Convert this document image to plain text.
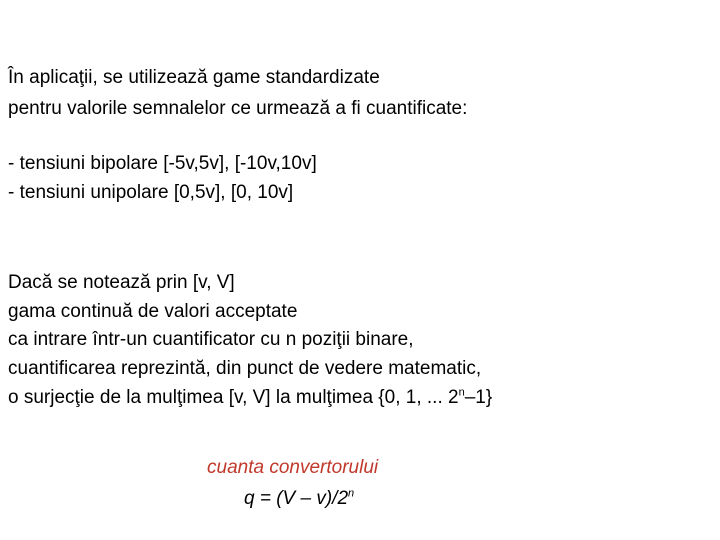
În aplicaţii, se utilizează game standardizate
pentru valorile semnalelor ce urmează a fi cuantificate:
- tensiuni bipolare [-5v,5v], [-10v,10v]
- tensiuni unipolare [0,5v], [0, 10v]
Dacă se notează prin [v, V]
gama continuă de valori acceptate
ca intrare într-un cuantificator cu n poziţii binare,
cuantificarea reprezintă, din punct de vedere matematic,
o surjecţie de la mulţimea [v, V] la mulţimea {0, 1, ... 2$^n$–1}
cuanta convertorului
q = (V – v)/2$^n$
